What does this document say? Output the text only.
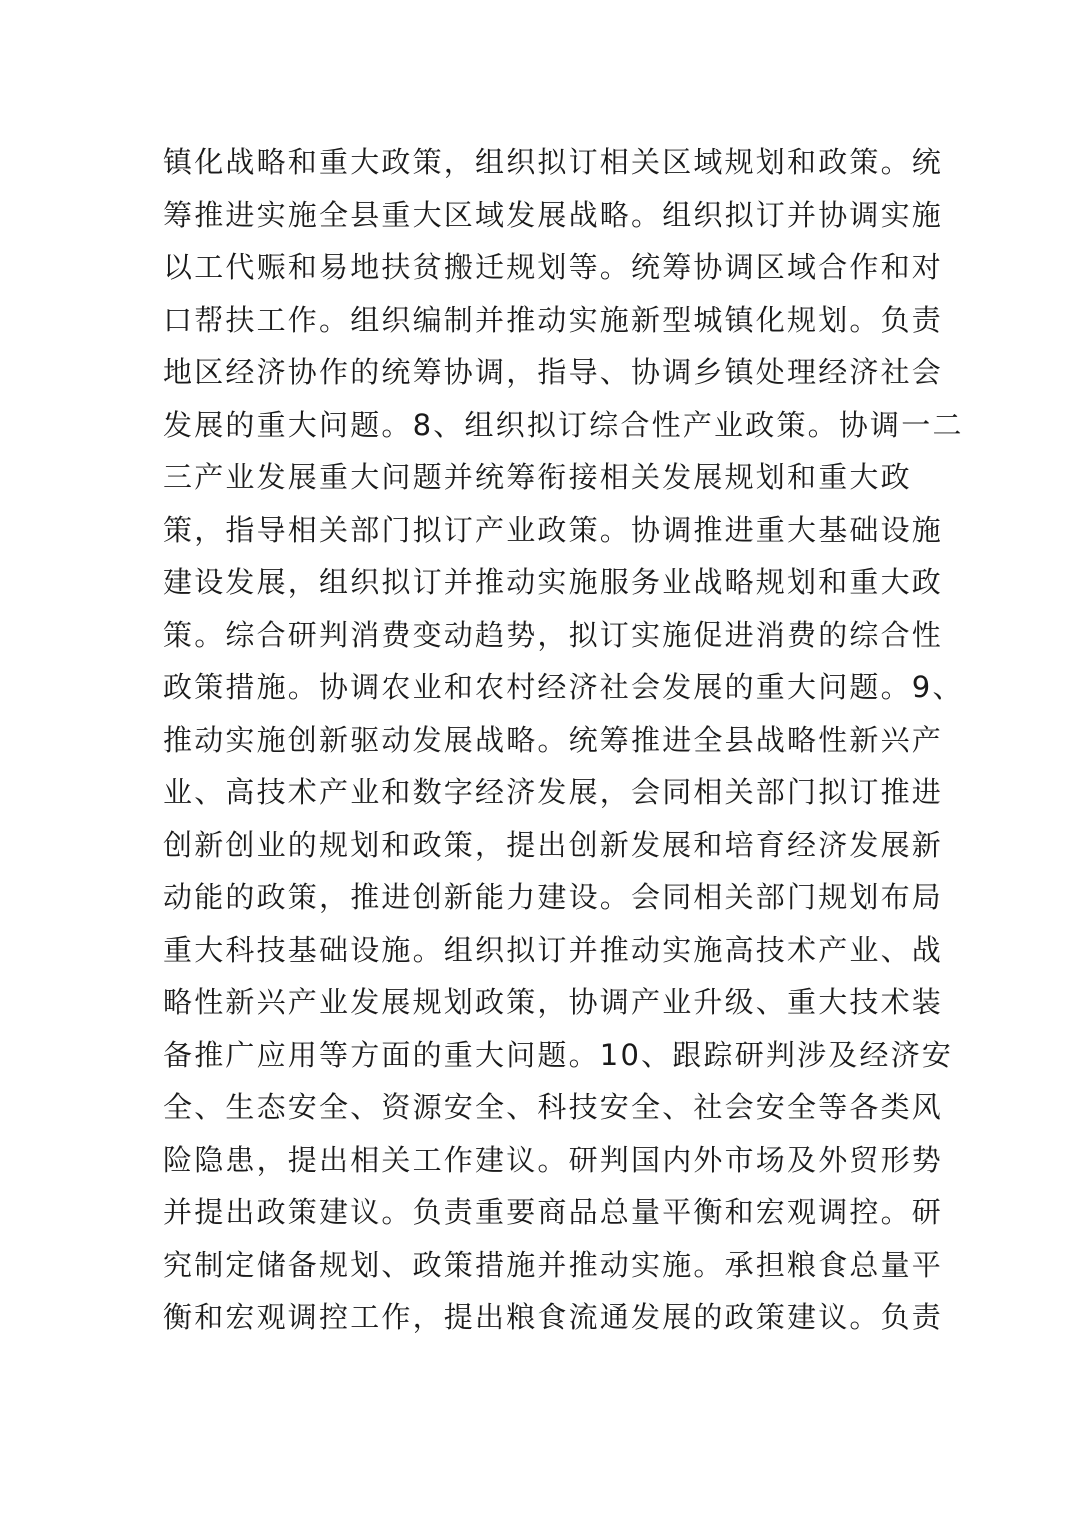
镇化战略和重大政策，组织拟订相关区域规划和政策。统
筹推进实施全县重大区域发展战略。组织拟订并协调实施
以工代赈和易地扶贫搬迁规划等。统筹协调区域合作和对
口帮扶工作。组织编制并推动实施新型城镇化规划。负责
地区经济协作的统筹协调，指导、协调乡镇处理经济社会
发展的重大问题。8、组织拟订综合性产业政策。协调一二
三产业发展重大问题并统筹衔接相关发展规划和重大政
策，指导相关部门拟订产业政策。协调推进重大基础设施
建设发展，组织拟订并推动实施服务业战略规划和重大政
策。综合研判消费变动趋势，拟订实施促进消费的综合性
政策措施。协调农业和农村经济社会发展的重大问题。9、
推动实施创新驱动发展战略。统筹推进全县战略性新兴产
业、高技术产业和数字经济发展，会同相关部门拟订推进
创新创业的规划和政策，提出创新发展和培育经济发展新
动能的政策，推进创新能力建设。会同相关部门规划布局
重大科技基础设施。组织拟订并推动实施高技术产业、战
略性新兴产业发展规划政策，协调产业升级、重大技术装
备推广应用等方面的重大问题。10、跟踪研判涉及经济安
全、生态安全、资源安全、科技安全、社会安全等各类风
险隐患，提出相关工作建议。研判国内外市场及外贸形势
并提出政策建议。负责重要商品总量平衡和宏观调控。研
究制定储备规划、政策措施并推动实施。承担粮食总量平
衡和宏观调控工作，提出粮食流通发展的政策建议。负责
